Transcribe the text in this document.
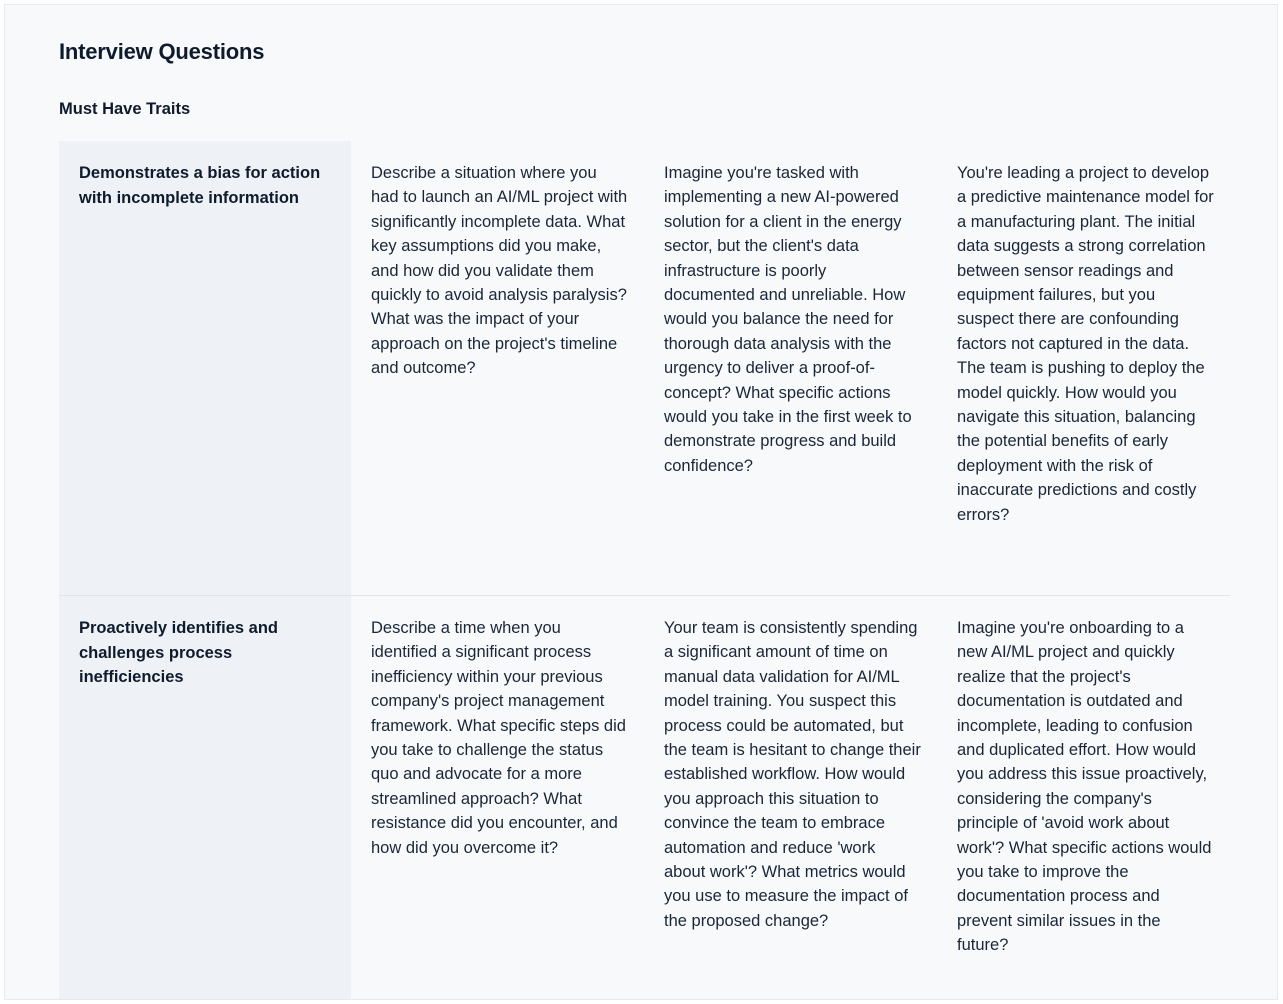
Interview Questions
Must Have Traits
Demonstrates a bias for action with incomplete information
Describe a situation where you had to launch an AI/ML project with significantly incomplete data. What key assumptions did you make, and how did you validate them quickly to avoid analysis paralysis? What was the impact of your approach on the project's timeline and outcome?
Imagine you're tasked with implementing a new AI-powered solution for a client in the energy sector, but the client's data infrastructure is poorly documented and unreliable. How would you balance the need for thorough data analysis with the urgency to deliver a proof-of-concept? What specific actions would you take in the first week to demonstrate progress and build confidence?
You're leading a project to develop a predictive maintenance model for a manufacturing plant. The initial data suggests a strong correlation between sensor readings and equipment failures, but you suspect there are confounding factors not captured in the data. The team is pushing to deploy the model quickly. How would you navigate this situation, balancing the potential benefits of early deployment with the risk of inaccurate predictions and costly errors?
Proactively identifies and challenges process inefficiencies
Describe a time when you identified a significant process inefficiency within your previous company's project management framework. What specific steps did you take to challenge the status quo and advocate for a more streamlined approach? What resistance did you encounter, and how did you overcome it?
Your team is consistently spending a significant amount of time on manual data validation for AI/ML model training. You suspect this process could be automated, but the team is hesitant to change their established workflow. How would you approach this situation to convince the team to embrace automation and reduce 'work about work'? What metrics would you use to measure the impact of the proposed change?
Imagine you're onboarding to a new AI/ML project and quickly realize that the project's documentation is outdated and incomplete, leading to confusion and duplicated effort. How would you address this issue proactively, considering the company's principle of 'avoid work about work'? What specific actions would you take to improve the documentation process and prevent similar issues in the future?
